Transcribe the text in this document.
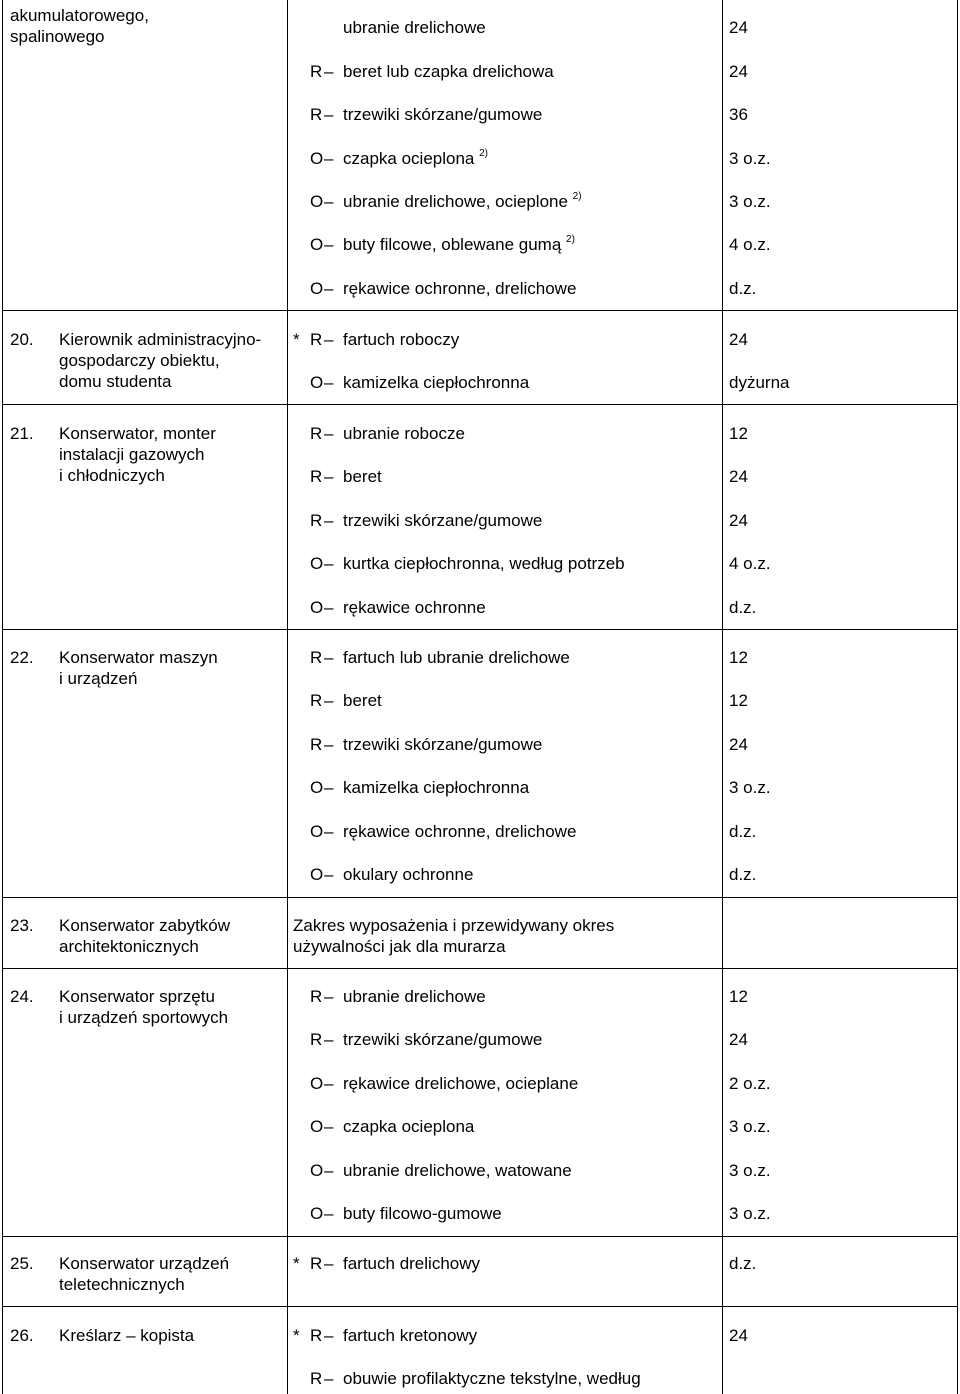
akumulatorowego,
spalinowego	ubranie drelichowe	24
R – beret lub czapka drelichowa	24
R – trzewiki skórzane/gumowe	36
O – czapka ocieplona $^{2)}$	3 o.z.
O – ubranie drelichowe, ocieplone $^{2)}$	3 o.z.
O – buty filcowe, oblewane gumą $^{2)}$	4 o.z.
O – rękawice ochronne, drelichowe	d.z.
20. Kierownik administracyjno-
gospodarczy obiektu,
domu studenta
* R – fartuch roboczy	24
O – kamizelka ciepłochronna	dyżurna
21. Konserwator, monter
instalacji gazowych
i chłodniczych
R – ubranie robocze	12
R – beret	24
R – trzewiki skórzane/gumowe	24
O – kurtka ciepłochronna, według potrzeb	4 o.z.
O – rękawice ochronne	d.z.
22. Konserwator maszyn
i urządzeń
R – fartuch lub ubranie drelichowe	12
R – beret	12
R – trzewiki skórzane/gumowe	24
O – kamizelka ciepłochronna	3 o.z.
O – rękawice ochronne, drelichowe	d.z.
O – okulary ochronne	d.z.
23. Konserwator zabytków
architektonicznych
Zakres wyposażenia i przewidywany okres
używalności jak dla murarza
24. Konserwator sprzętu
i urządzeń sportowych
R – ubranie drelichowe	12
R – trzewiki skórzane/gumowe	24
O – rękawice drelichowe, ocieplane	2 o.z.
O – czapka ocieplona	3 o.z.
O – ubranie drelichowe, watowane	3 o.z.
O – buty filcowo-gumowe	3 o.z.
25. Konserwator urządzeń
teletechnicznych
* R – fartuch drelichowy	d.z.
26. Kreślarz – kopista	* R – fartuch kretonowy	24
R – obuwie profilaktyczne tekstylne, według
